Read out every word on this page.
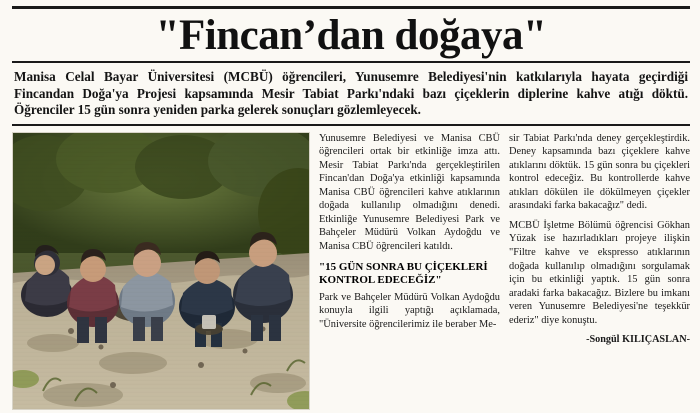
"Fincan’dan doğaya"
Manisa Celal Bayar Üniversitesi (MCBÜ) öğrencileri, Yunusemre Belediyesi'nin katkılarıyla hayata geçirdiği Fincandan Doğa'ya Projesi kapsamında Mesir Tabiat Parkı'ndaki bazı çiçeklerin diplerine kahve atığı döktü. Öğrenciler 15 gün sonra yeniden parka gelerek sonuçları gözlemleyecek.

Yunusemre Belediyesi ve Manisa CBÜ öğrencileri ortak bir etkinliğe imza attı. Mesir Tabiat Parkı'nda gerçekleştirilen Fincan'dan Doğa'ya etkinliği kapsamında Manisa CBÜ öğrencileri kahve atıklarının doğada kullanılıp olmadığını denedi. Etkinliğe Yunusemre Belediyesi Park ve Bahçeler Müdürü Volkan Aydoğdu ve Manisa CBÜ öğrencileri katıldı.

"15 GÜN SONRA BU ÇİÇEKLERİ KONTROL EDECEĞİZ"

Park ve Bahçeler Müdürü Volkan Aydoğdu konuyla ilgili yaptığı açıklamada, "Üniversite öğrencilerimiz ile beraber Me-

sir Tabiat Parkı'nda deney gerçekleştirdik. Deney kapsamında bazı çiçeklere kahve atıklarını döktük. 15 gün sonra bu çiçekleri kontrol edeceğiz. Bu kontrollerde kahve atıkları dökülen ile dökülmeyen çiçekler arasındaki farka bakacağız" dedi.

MCBÜ İşletme Bölümü öğrencisi Gökhan Yüzak ise hazırladıkları projeye ilişkin "Filtre kahve ve ekspresso atıklarının doğada kullanılıp olmadığını sorgulamak için bu etkinliği yaptık. 15 gün sonra aradaki farka bakacağız. Bizlere bu imkanı veren Yunusemre Belediyesi'ne teşekkür ederiz" diye konuştu.

-Songül KILIÇASLAN-
